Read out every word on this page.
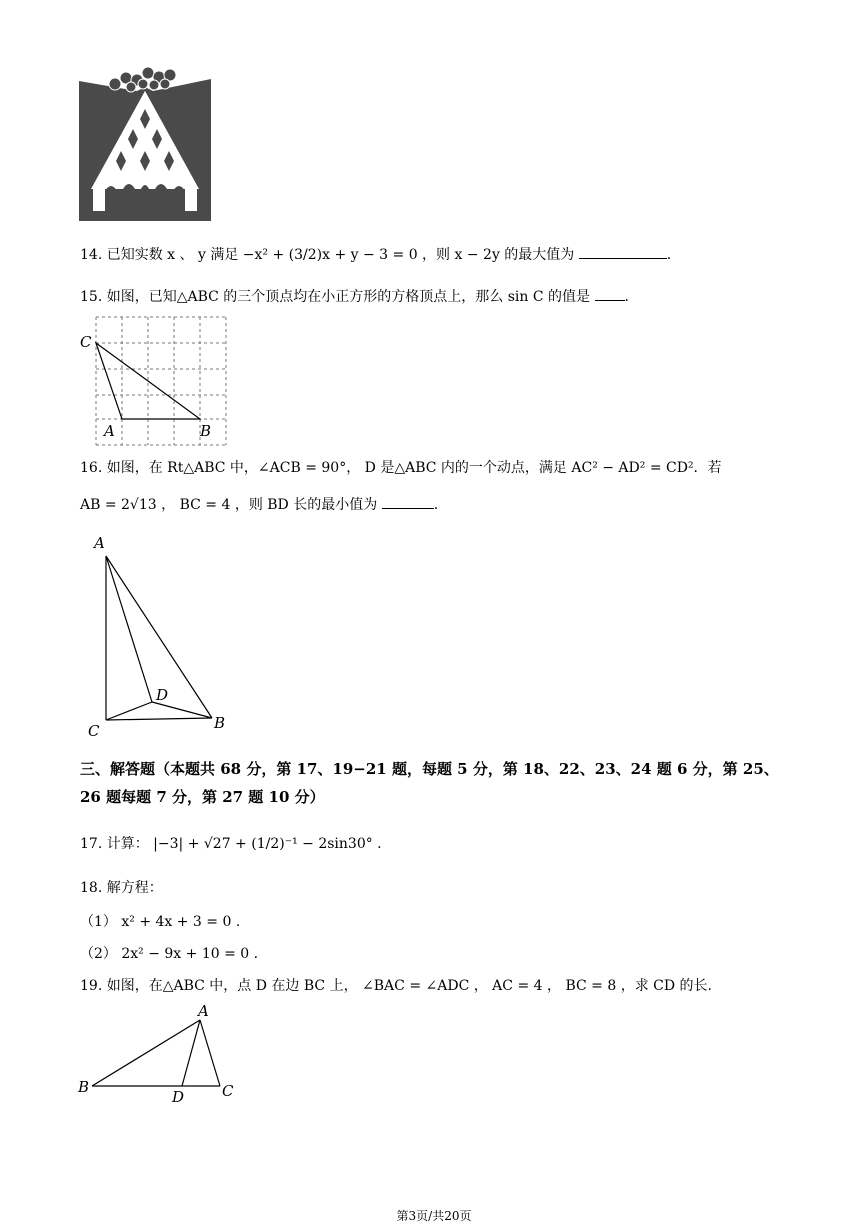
14. 已知实数 x 、 y 满足 −x² + (3/2)x + y − 3 = 0 ，则 x − 2y 的最大值为	.
15. 如图，已知△ABC 的三个顶点均在小正方形的方格顶点上，那么 sin C 的值是 .
C
A	B
16. 如图，在 Rt△ABC 中，∠ACB = 90°， D 是△ABC 内的一个动点，满足 AC² − AD² = CD²．若
AB = 2√13 ， BC = 4 ，则 BD 长的最小值为	.
A
C	B
D
三、解答题（本题共 68 分，第 17、19−21 题，每题 5 分，第 18、22、23、24 题 6 分，第 25、
26 题每题 7 分，第 27 题 10 分）
17. 计算： |−3| + √27 + (1/2)⁻¹ − 2sin30° .
18. 解方程：
（1） x² + 4x + 3 = 0 .
（2） 2x² − 9x + 10 = 0 .
19. 如图，在△ABC 中，点 D 在边 BC 上， ∠BAC = ∠ADC ， AC = 4 ， BC = 8 ，求 CD 的长.
A
B	C
D
第3页/共20页
